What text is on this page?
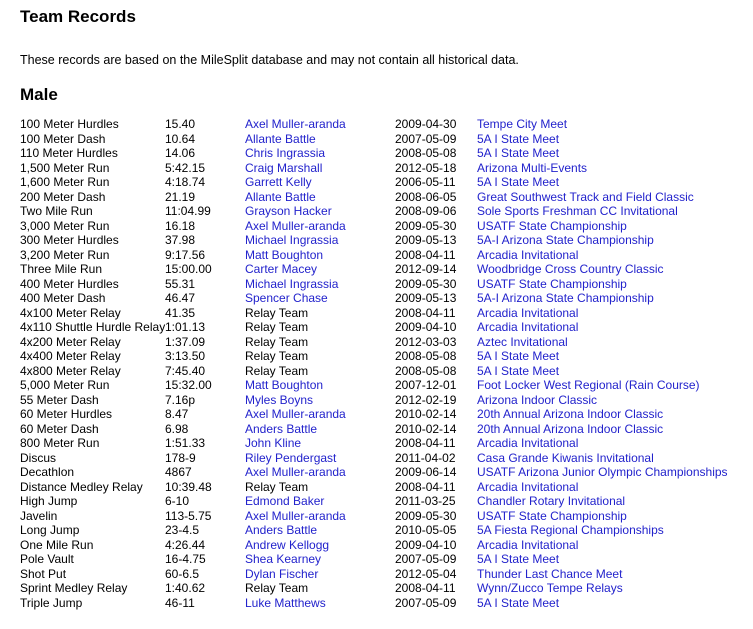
Team Records

These records are based on the MileSplit database and may not contain all historical data.

Male
100 Meter Hurdles	15.40	Axel Muller-aranda	2009-04-30	Tempe City Meet
100 Meter Dash	10.64	Allante Battle	2007-05-09	5A I State Meet
110 Meter Hurdles	14.06	Chris Ingrassia	2008-05-08	5A I State Meet
1,500 Meter Run	5:42.15	Craig Marshall	2012-05-18	Arizona Multi-Events
1,600 Meter Run	4:18.74	Garrett Kelly	2006-05-11	5A I State Meet
200 Meter Dash	21.19	Allante Battle	2008-06-05	Great Southwest Track and Field Classic
Two Mile Run	11:04.99	Grayson Hacker	2008-09-06	Sole Sports Freshman CC Invitational
3,000 Meter Run	16.18	Axel Muller-aranda	2009-05-30	USATF State Championship
300 Meter Hurdles	37.98	Michael Ingrassia	2009-05-13	5A-I Arizona State Championship
3,200 Meter Run	9:17.56	Matt Boughton	2008-04-11	Arcadia Invitational
Three Mile Run	15:00.00	Carter Macey	2012-09-14	Woodbridge Cross Country Classic
400 Meter Hurdles	55.31	Michael Ingrassia	2009-05-30	USATF State Championship
400 Meter Dash	46.47	Spencer Chase	2009-05-13	5A-I Arizona State Championship
4x100 Meter Relay	41.35	Relay Team	2008-04-11	Arcadia Invitational
4x110 Shuttle Hurdle Relay	1:01.13	Relay Team	2009-04-10	Arcadia Invitational
4x200 Meter Relay	1:37.09	Relay Team	2012-03-03	Aztec Invitational
4x400 Meter Relay	3:13.50	Relay Team	2008-05-08	5A I State Meet
4x800 Meter Relay	7:45.40	Relay Team	2008-05-08	5A I State Meet
5,000 Meter Run	15:32.00	Matt Boughton	2007-12-01	Foot Locker West Regional (Rain Course)
55 Meter Dash	7.16p	Myles Boyns	2012-02-19	Arizona Indoor Classic
60 Meter Hurdles	8.47	Axel Muller-aranda	2010-02-14	20th Annual Arizona Indoor Classic
60 Meter Dash	6.98	Anders Battle	2010-02-14	20th Annual Arizona Indoor Classic
800 Meter Run	1:51.33	John Kline	2008-04-11	Arcadia Invitational
Discus	178-9	Riley Pendergast	2011-04-02	Casa Grande Kiwanis Invitational
Decathlon	4867	Axel Muller-aranda	2009-06-14	USATF Arizona Junior Olympic Championships
Distance Medley Relay	10:39.48	Relay Team	2008-04-11	Arcadia Invitational
High Jump	6-10	Edmond Baker	2011-03-25	Chandler Rotary Invitational
Javelin	113-5.75	Axel Muller-aranda	2009-05-30	USATF State Championship
Long Jump	23-4.5	Anders Battle	2010-05-05	5A Fiesta Regional Championships
One Mile Run	4:26.44	Andrew Kellogg	2009-04-10	Arcadia Invitational
Pole Vault	16-4.75	Shea Kearney	2007-05-09	5A I State Meet
Shot Put	60-6.5	Dylan Fischer	2012-05-04	Thunder Last Chance Meet
Sprint Medley Relay	1:40.62	Relay Team	2008-04-11	Wynn/Zucco Tempe Relays
Triple Jump	46-11	Luke Matthews	2007-05-09	5A I State Meet
